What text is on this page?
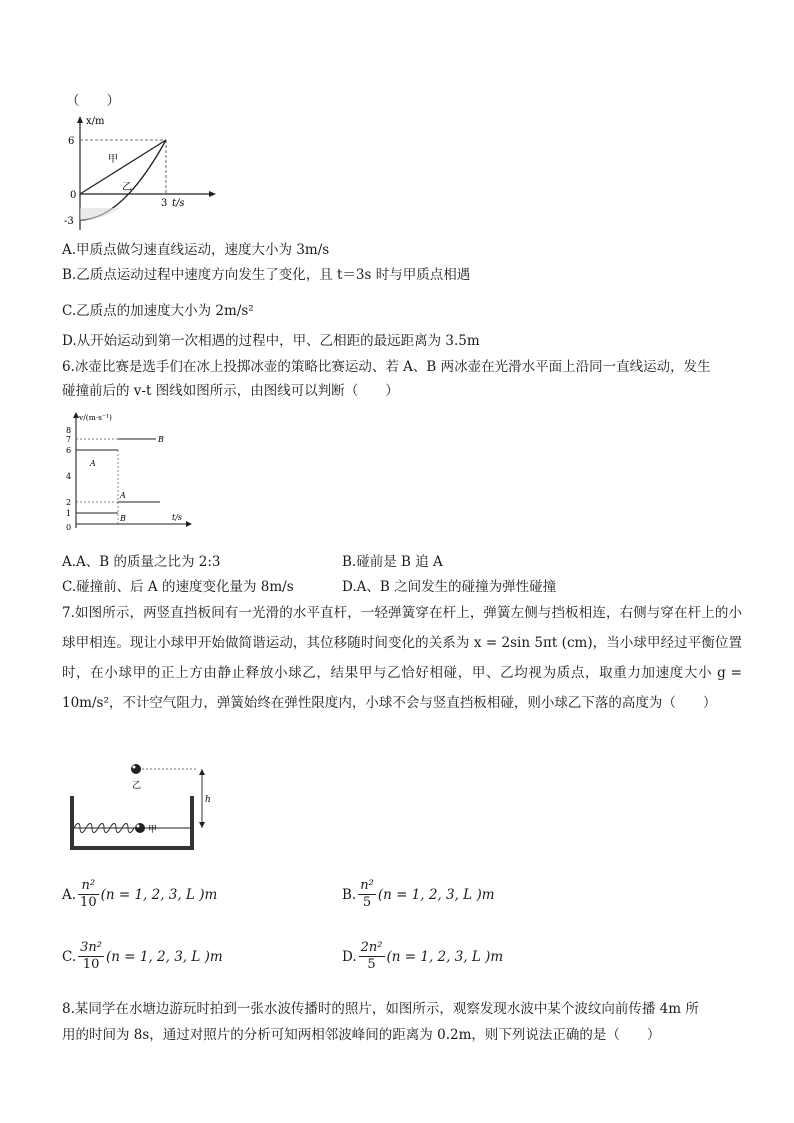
（　　）
x/m
t/s
6
0
-3
3
甲
乙
A.甲质点做匀速直线运动，速度大小为 3m/s
B.乙质点运动过程中速度方向发生了变化，且 t＝3s 时与甲质点相遇
C.乙质点的加速度大小为 2m/s²
D.从开始运动到第一次相遇的过程中，甲、乙相距的最远距离为 3.5m
6.冰壶比赛是选手们在冰上投掷冰壶的策略比赛运动、若 A、B 两冰壶在光滑水平面上沿同一直线运动，发生
碰撞前后的 v-t 图线如图所示，由图线可以判断（　　）
v/(m·s⁻¹)
t/s
8
7
6
4
2
1
0
A
A
B
B
A.A、B 的质量之比为 2:3	B.碰前是 B 追 A
C.碰撞前、后 A 的速度变化量为 8m/s	D.A、B 之间发生的碰撞为弹性碰撞
7.如图所示，两竖直挡板间有一光滑的水平直杆，一轻弹簧穿在杆上，弹簧左侧与挡板相连，右侧与穿在杆上的小球甲相连。现让小球甲开始做简谐运动，其位移随时间变化的关系为 x = 2sin 5πt (cm)，当小球甲经过平衡位置时，在小球甲的正上方由静止释放小球乙，结果甲与乙恰好相碰，甲、乙均视为质点，取重力加速度大小 g = 10m/s²，不计空气阻力，弹簧始终在弹性限度内，小球不会与竖直挡板相碰，则小球乙下落的高度为（　　）
乙
h
甲
A. $\frac{\text{n²}}{10} (n = 1$, 2, 3, L )m	B. $\frac{\text{n²}}{5} (n = 1$, 2, 3, L )m
C. $\frac{\text{3n²}}{10} (n = 1$, 2, 3, L )m	D. $\frac{\text{2n²}}{5} (n = 1$, 2, 3, L )m
8.某同学在水塘边游玩时拍到一张水波传播时的照片，如图所示，观察发现水波中某个波纹向前传播 4m 所
用的时间为 8s，通过对照片的分析可知两相邻波峰间的距离为 0.2m，则下列说法正确的是（　　）
